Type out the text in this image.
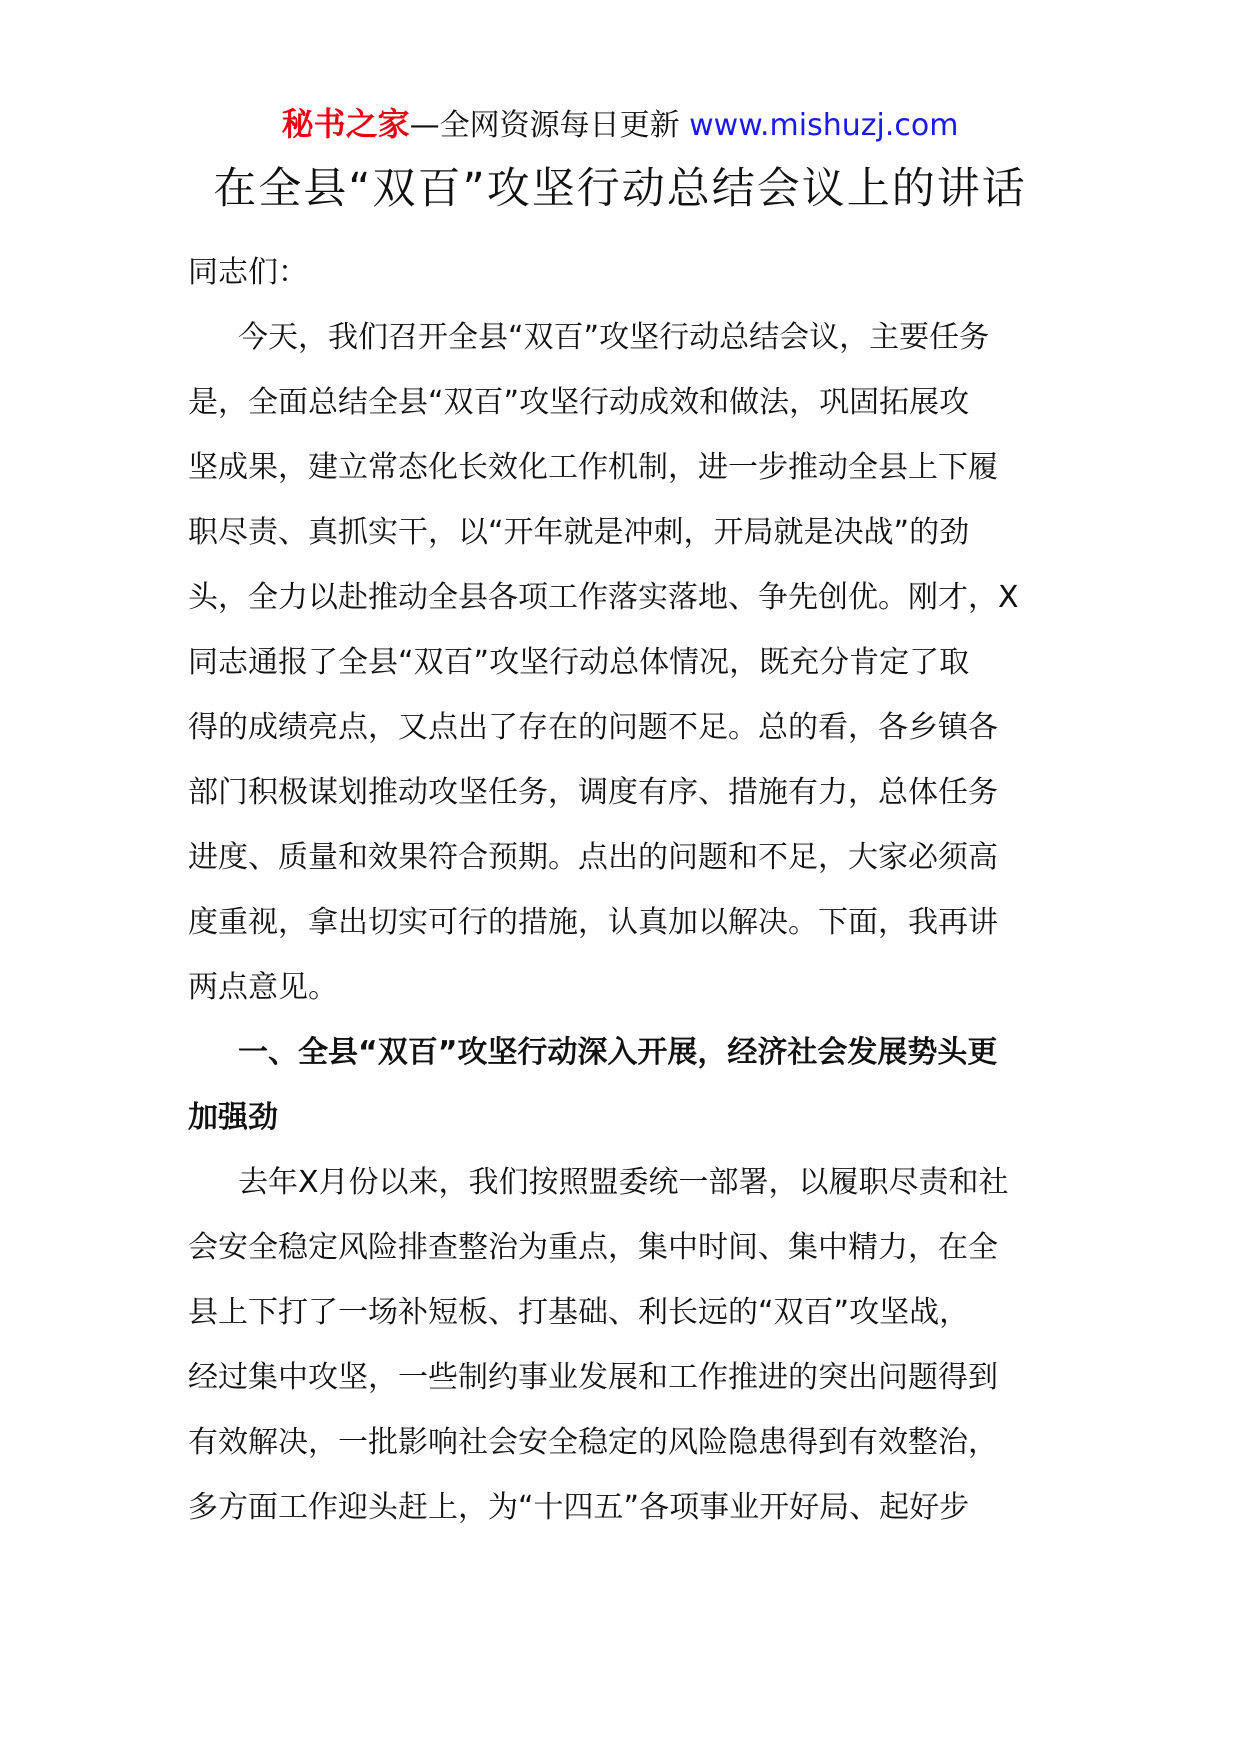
秘书之家—全网资源每日更新 www.mishuzj.com
在全县“双百”攻坚行动总结会议上的讲话

同志们：

今天，我们召开全县“双百”攻坚行动总结会议，主要任务

是，全面总结全县“双百”攻坚行动成效和做法，巩固拓展攻

坚成果，建立常态化长效化工作机制，进一步推动全县上下履

职尽责、真抓实干，以“开年就是冲刺，开局就是决战”的劲

头，全力以赴推动全县各项工作落实落地、争先创优。刚才，X

同志通报了全县“双百”攻坚行动总体情况，既充分肯定了取

得的成绩亮点，又点出了存在的问题不足。总的看，各乡镇各

部门积极谋划推动攻坚任务，调度有序、措施有力，总体任务

进度、质量和效果符合预期。点出的问题和不足，大家必须高

度重视，拿出切实可行的措施，认真加以解决。下面，我再讲

两点意见。

一、全县“双百”攻坚行动深入开展，经济社会发展势头更

加强劲

去年X月份以来，我们按照盟委统一部署，以履职尽责和社

会安全稳定风险排查整治为重点，集中时间、集中精力，在全

县上下打了一场补短板、打基础、利长远的“双百”攻坚战，

经过集中攻坚，一些制约事业发展和工作推进的突出问题得到

有效解决，一批影响社会安全稳定的风险隐患得到有效整治，

多方面工作迎头赶上，为“十四五”各项事业开好局、起好步
